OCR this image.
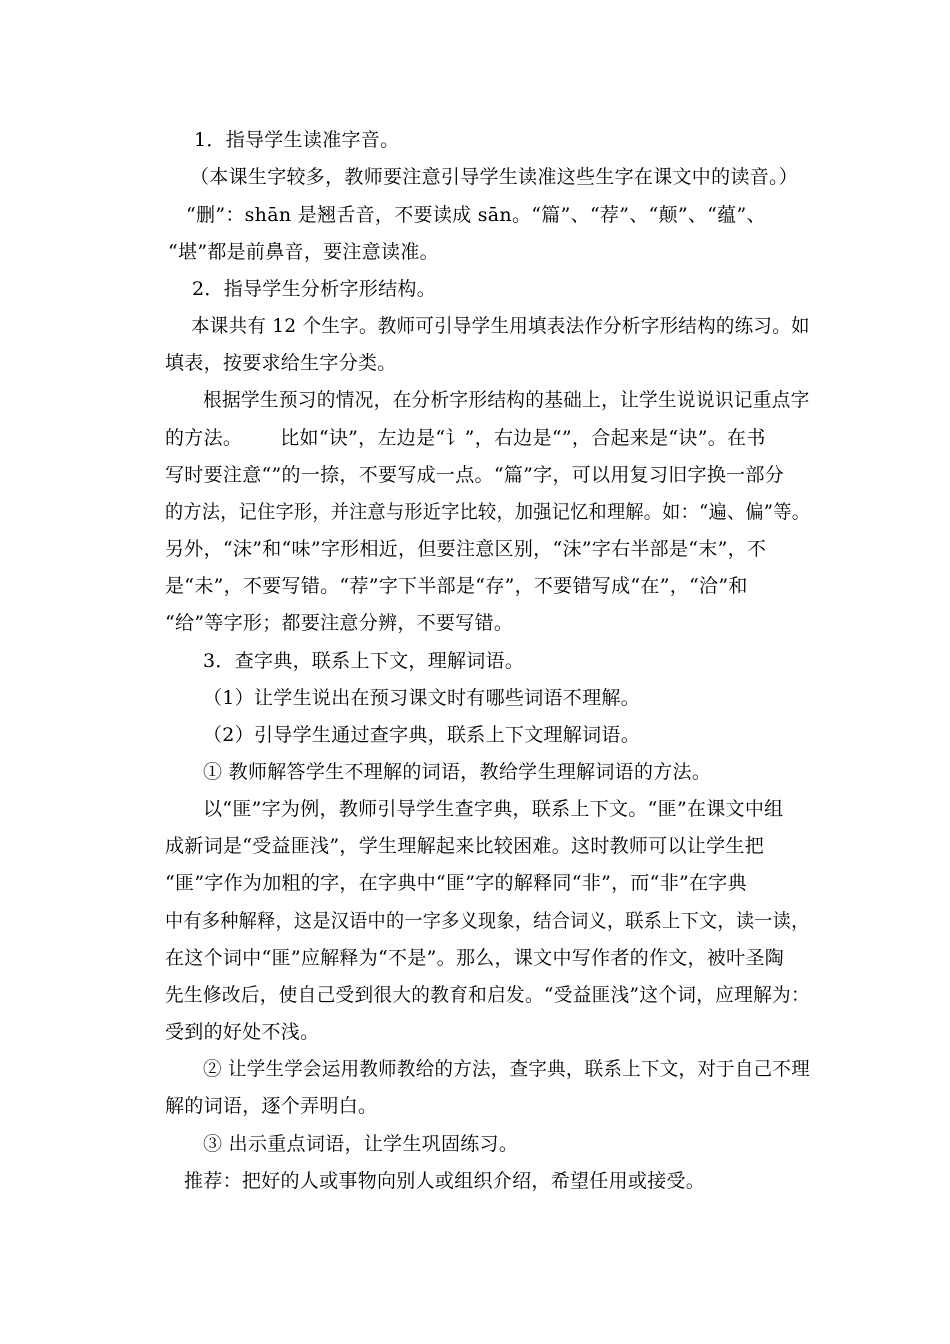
1．指导学生读准字音。
（本课生字较多，教师要注意引导学生读准这些生字在课文中的读音。）
“删”：shān 是翘舌音，不要读成 sān。“篇”、“荐”、“颠”、“蕴”、
“堪”都是前鼻音，要注意读准。
2．指导学生分析字形结构。
本课共有 12 个生字。教师可引导学生用填表法作分析字形结构的练习。如
填表，按要求给生字分类。
根据学生预习的情况，在分析字形结构的基础上，让学生说说识记重点字
的方法。      比如“诀”，左边是“讠”，右边是“”，合起来是“诀”。在书
写时要注意“”的一捺，不要写成一点。“篇”字，可以用复习旧字换一部分
的方法，记住字形，并注意与形近字比较，加强记忆和理解。如：“遍、偏”等。
另外，“沫”和“味”字形相近，但要注意区别，“沫”字右半部是“末”，不
是“未”，不要写错。“荐”字下半部是“存”，不要错写成“在”，“洽”和
“给”等字形；都要注意分辨，不要写错。
3．查字典，联系上下文，理解词语。
（1）让学生说出在预习课文时有哪些词语不理解。
（2）引导学生通过查字典，联系上下文理解词语。
① 教师解答学生不理解的词语，教给学生理解词语的方法。
以“匪”字为例，教师引导学生查字典，联系上下文。“匪”在课文中组
成新词是“受益匪浅”，学生理解起来比较困难。这时教师可以让学生把
“匪”字作为加粗的字，在字典中“匪”字的解释同“非”，而“非”在字典
中有多种解释，这是汉语中的一字多义现象，结合词义，联系上下文，读一读，
在这个词中“匪”应解释为“不是”。那么，课文中写作者的作文，被叶圣陶
先生修改后，使自己受到很大的教育和启发。“受益匪浅”这个词，应理解为：
受到的好处不浅。
② 让学生学会运用教师教给的方法，查字典，联系上下文，对于自己不理
解的词语，逐个弄明白。
③ 出示重点词语，让学生巩固练习。
推荐：把好的人或事物向别人或组织介绍，希望任用或接受。
